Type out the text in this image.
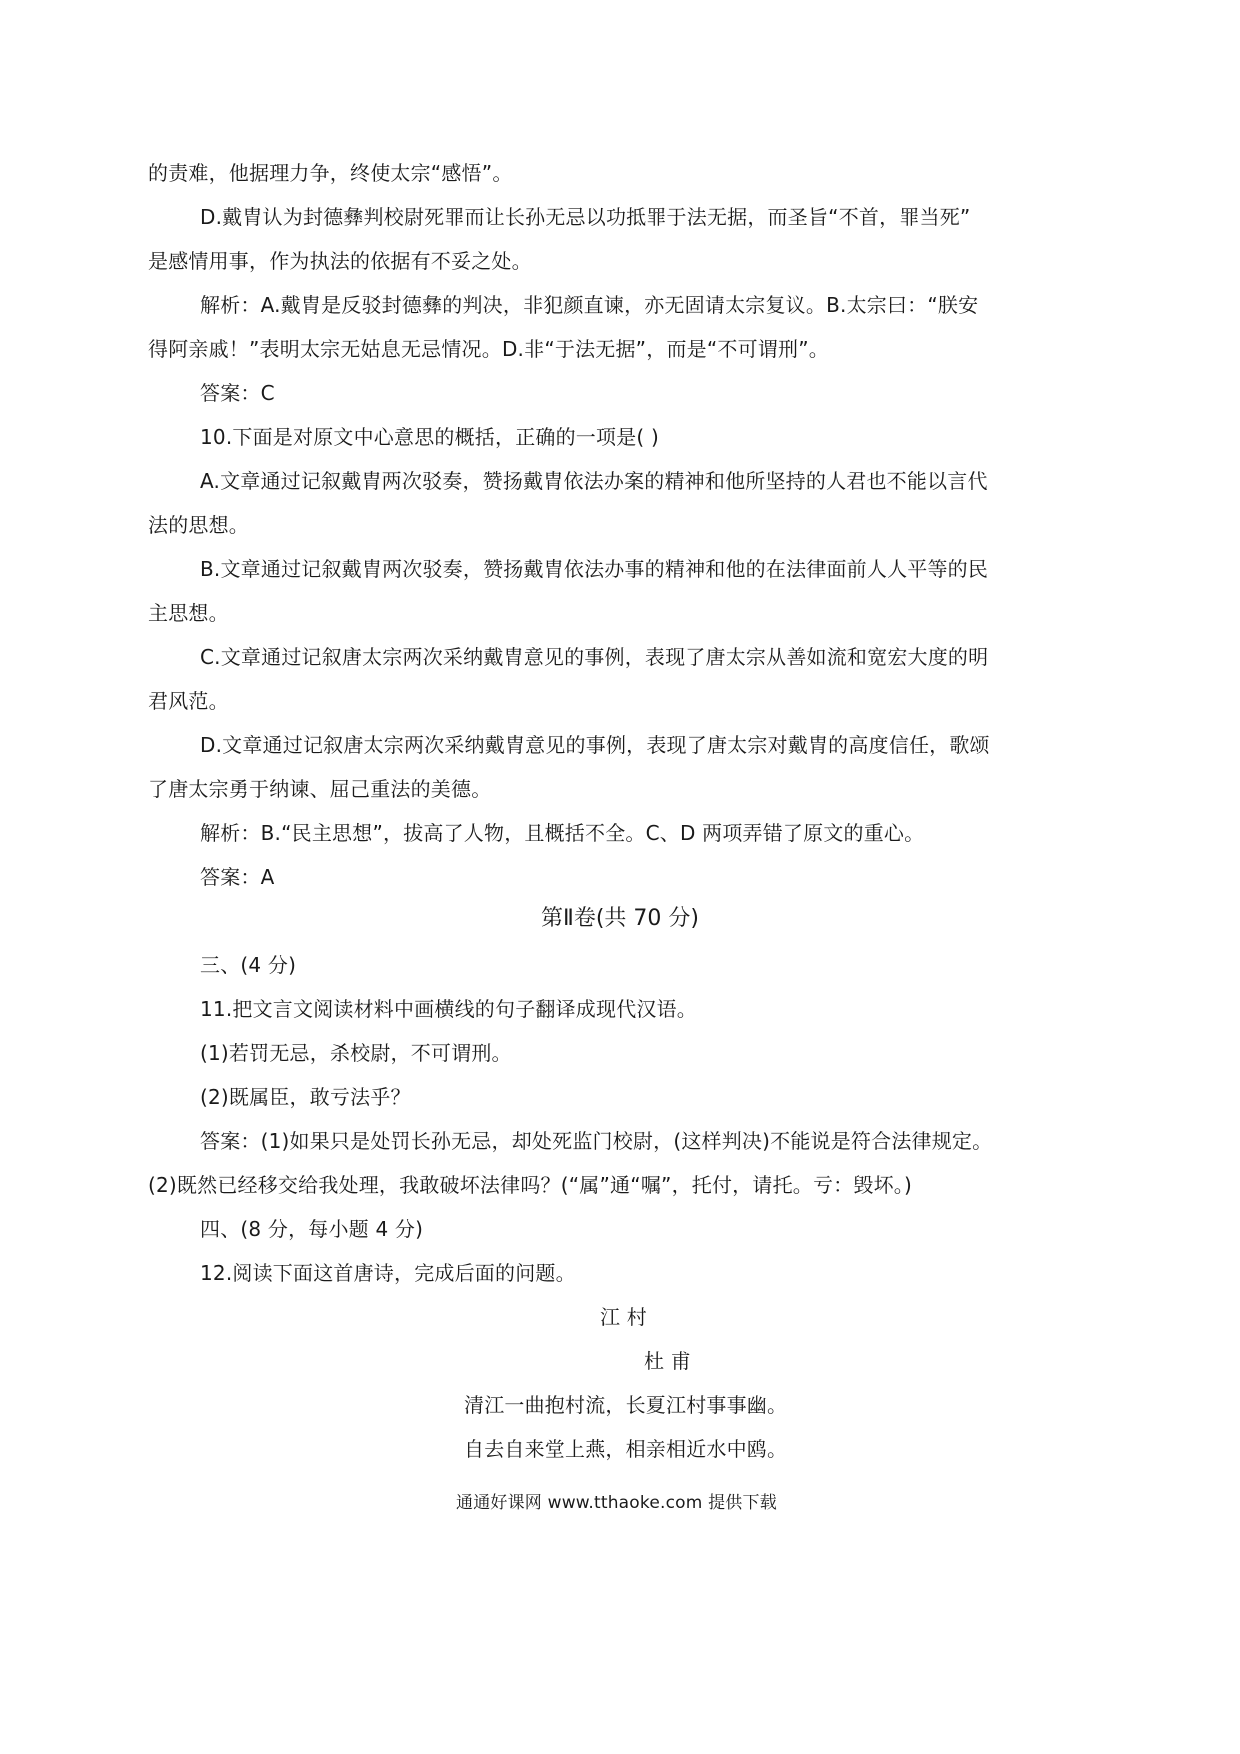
的责难，他据理力争，终使太宗“感悟”。
D.戴胄认为封德彝判校尉死罪而让长孙无忌以功抵罪于法无据，而圣旨“不首，罪当死”
是感情用事，作为执法的依据有不妥之处。
解析：A.戴胄是反驳封德彝的判决，非犯颜直谏，亦无固请太宗复议。B.太宗曰：“朕安
得阿亲戚！”表明太宗无姑息无忌情况。D.非“于法无据”，而是“不可谓刑”。
答案：C
10.下面是对原文中心意思的概括，正确的一项是( )
A.文章通过记叙戴胄两次驳奏，赞扬戴胄依法办案的精神和他所坚持的人君也不能以言代
法的思想。
B.文章通过记叙戴胄两次驳奏，赞扬戴胄依法办事的精神和他的在法律面前人人平等的民
主思想。
C.文章通过记叙唐太宗两次采纳戴胄意见的事例，表现了唐太宗从善如流和宽宏大度的明
君风范。
D.文章通过记叙唐太宗两次采纳戴胄意见的事例，表现了唐太宗对戴胄的高度信任，歌颂
了唐太宗勇于纳谏、屈己重法的美德。
解析：B.“民主思想”，拔高了人物，且概括不全。C、D 两项弄错了原文的重心。
答案：A
第Ⅱ卷(共 70 分)
三、(4 分)
11.把文言文阅读材料中画横线的句子翻译成现代汉语。
(1)若罚无忌，杀校尉，不可谓刑。
(2)既属臣，敢亏法乎？
答案：(1)如果只是处罚长孙无忌，却处死监门校尉，(这样判决)不能说是符合法律规定。
(2)既然已经移交给我处理，我敢破坏法律吗？(“属”通“嘱”，托付，请托。亏：毁坏。)
四、(8 分，每小题 4 分)
12.阅读下面这首唐诗，完成后面的问题。
江 村
杜 甫
清江一曲抱村流，长夏江村事事幽。
自去自来堂上燕，相亲相近水中鸥。
通通好课网 www.tthaoke.com 提供下载
